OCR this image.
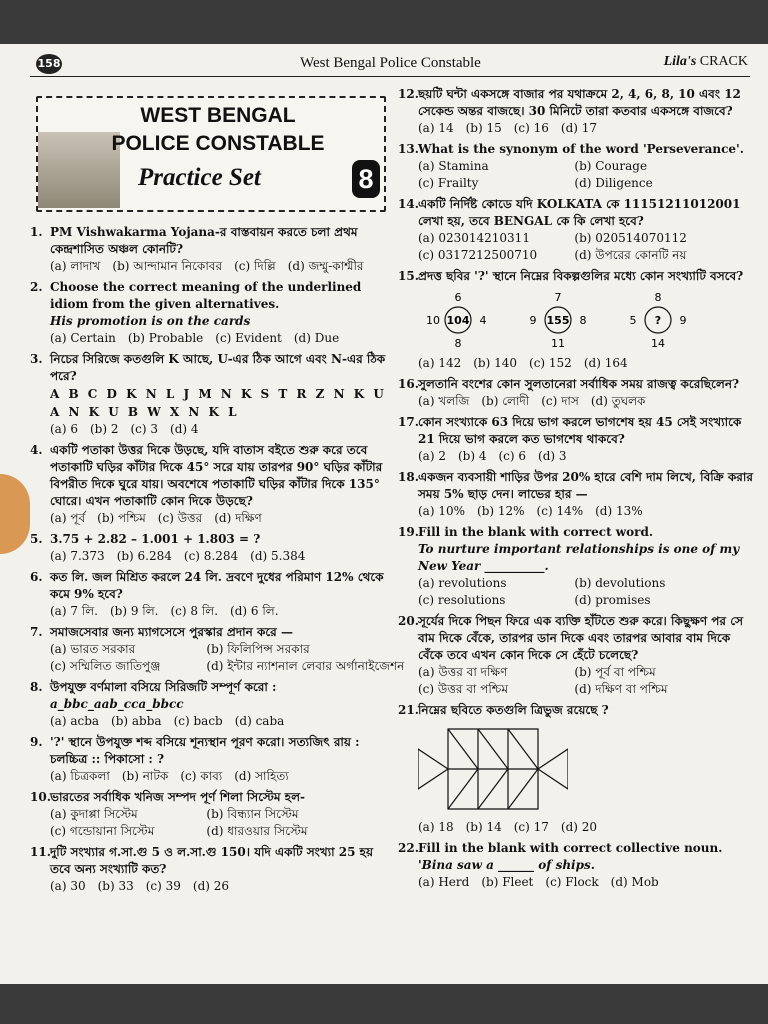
158	West Bengal Police Constable	Lila's CRACK
WEST BENGAL
POLICE CONSTABLE
Practice Set	8
1. PM Vishwakarma Yojana-র বাস্তবায়ন করতে চলা প্রথম কেন্দ্রশাসিত অঞ্চল কোনটি?
(a) লাদাখ (b) আন্দামান নিকোবর (c) দিল্লি (d) জম্মু-কাশ্মীর
2. Choose the correct meaning of the underlined idiom from the given alternatives.
His promotion is on the cards
(a) Certain (b) Probable (c) Evident (d) Due
3. নিচের সিরিজে কতগুলি K আছে, U-এর ঠিক আগে এবং N-এর ঠিক পরে?
A B C D K N L J M N K S T R Z N K U A N K U B W X N K L
(a) 6 (b) 2 (c) 3 (d) 4
4. একটি পতাকা উত্তর দিকে উড়ছে, যদি বাতাস বইতে শুরু করে তবে পতাকাটি ঘড়ির কাঁটার দিকে 45° সরে যায় তারপর 90° ঘড়ির কাঁটার বিপরীত দিকে ঘুরে যায়। অবশেষে পতাকাটি ঘড়ির কাঁটার দিকে 135° ঘোরে। এখন পতাকাটি কোন দিকে উড়ছে?
(a) পূর্ব (b) পশ্চিম (c) উত্তর (d) দক্ষিণ
5. 3.75 + 2.82 – 1.001 + 1.803 = ?
(a) 7.373 (b) 6.284 (c) 8.284 (d) 5.384
6. কত লি. জল মিশ্রিত করলে 24 লি. দ্রবণে দুধের পরিমাণ 12% থেকে কমে 9% হবে?
(a) 7 লি. (b) 9 লি. (c) 8 লি. (d) 6 লি.
7. সমাজসেবার জন্য ম্যাগসেসে পুরস্কার প্রদান করে —
(a) ভারত সরকার	(b) ফিলিপিন্স সরকার
(c) সম্মিলিত জাতিপুঞ্জ	(d) ইন্টার ন্যাশনাল লেবার অর্গানাইজেশন
8. উপযুক্ত বর্ণমালা বসিয়ে সিরিজটি সম্পূর্ণ করো :
a_bbc_aab_cca_bbcc
(a) acba (b) abba (c) bacb (d) caba
9. '?' স্থানে উপযুক্ত শব্দ বসিয়ে শূন্যস্থান পূরণ করো। সত্যজিৎ রায় : চলচ্চিত্র :: পিকাসো : ?
(a) চিত্রকলা (b) নাটক (c) কাব্য (d) সাহিত্য
10. ভারতের সর্বাধিক খনিজ সম্পদ পূর্ণ শিলা সিস্টেম হল-
(a) কুদাপ্পা সিস্টেম	(b) বিন্ধ্যান সিস্টেম
(c) গন্ডোয়ানা সিস্টেম	(d) ধারওয়ার সিস্টেম
11. দুটি সংখ্যার গ.সা.গু 5 ও ল.সা.গু 150। যদি একটি সংখ্যা 25 হয় তবে অন্য সংখ্যাটি কত?
(a) 30 (b) 33 (c) 39 (d) 26
12. ছয়টি ঘন্টা একসঙ্গে বাজার পর যথাক্রমে 2, 4, 6, 8, 10 এবং 12 সেকেন্ড অন্তর বাজছে। 30 মিনিটে তারা কতবার একসঙ্গে বাজবে?
(a) 14 (b) 15 (c) 16 (d) 17
13. What is the synonym of the word 'Perseverance'.
(a) Stamina	(b) Courage
(c) Frailty	(d) Diligence
14. একটি নির্দিষ্ট কোডে যদি KOLKATA কে 11151211012001 লেখা হয়, তবে BENGAL কে কি লেখা হবে?
(a) 023014210311	(b) 020514070112
(c) 0317212500710	(d) উপরের কোনটি নয়
15. প্রদত্ত ছবির '?' স্থানে নিম্নের বিকল্পগুলির মধ্যে কোন সংখ্যাটি বসবে?
6
8
10	4
104
7
11
9	8
155
8
14
5	9
?
(a) 142 (b) 140 (c) 152 (d) 164
16. সুলতানি বংশের কোন সুলতানেরা সর্বাধিক সময় রাজত্ব করেছিলেন?
(a) খলজি (b) লোদী (c) দাস (d) তুঘলক
17. কোন সংখ্যাকে 63 দিয়ে ভাগ করলে ভাগশেষ হয় 45 সেই সংখ্যাকে 21 দিয়ে ভাগ করলে কত ভাগশেষ থাকবে?
(a) 2 (b) 4 (c) 6 (d) 3
18. একজন ব্যবসায়ী শাড়ির উপর 20% হারে বেশি দাম লিখে, বিক্রি করার সময় 5% ছাড় দেন। লাভের হার —
(a) 10% (b) 12% (c) 14% (d) 13%
19. Fill in the blank with correct word.
To nurture important relationships is one of my New Year __________.
(a) revolutions	(b) devolutions
(c) resolutions	(d) promises
20. সূর্যের দিকে পিছন ফিরে এক ব্যক্তি হাঁটতে শুরু করে। কিছুক্ষণ পর সে বাম দিকে বেঁকে, তারপর ডান দিকে এবং তারপর আবার বাম দিকে বেঁকে তবে এখন কোন দিকে সে হেঁটে চলেছে?
(a) উত্তর বা দক্ষিণ	(b) পূর্ব বা পশ্চিম
(c) উত্তর বা পশ্চিম	(d) দক্ষিণ বা পশ্চিম
21. নিম্নের ছবিতে কতগুলি ত্রিভুজ রয়েছে ?
(a) 18 (b) 14 (c) 17 (d) 20
22. Fill in the blank with correct collective noun.
'Bina saw a ______ of ships.
(a) Herd (b) Fleet (c) Flock (d) Mob
